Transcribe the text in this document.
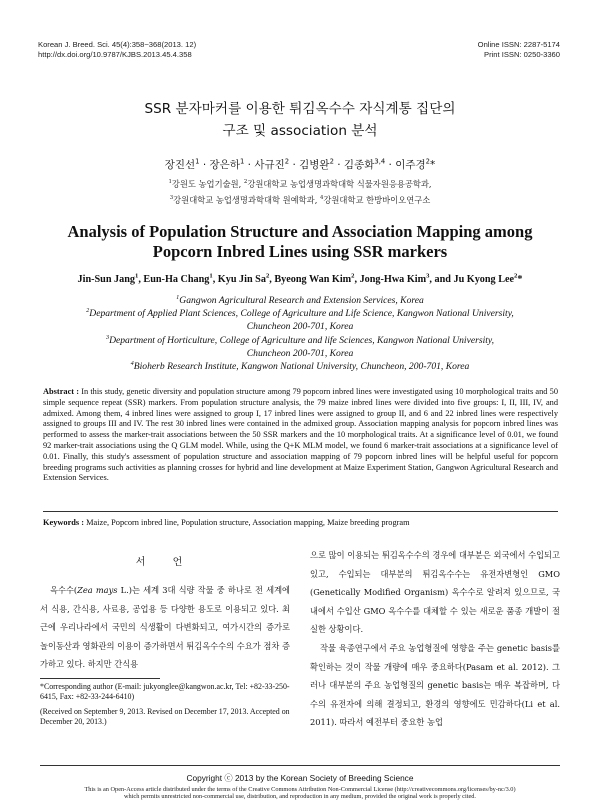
Korean J. Breed. Sci. 45(4):358~368(2013. 12)
http://dx.doi.org/10.9787/KJBS.2013.45.4.358
Online ISSN: 2287-5174
Print ISSN: 0250-3360
SSR 분자마커를 이용한 튀김옥수수 자식계통 집단의
구조 및 association 분석
장진선$^1$ · 장은하$^1$ · 사규진$^2$ · 김병완$^2$ · 김종화$^{3,4}$ · 이주경$^2$*
$^1$강원도 농업기술원, $^2$강원대학교 농업생명과학대학 식물자원응용공학과,
$^3$강원대학교 농업생명과학대학 원예학과, $^4$강원대학교 한방바이오연구소
Analysis of Population Structure and Association Mapping among
Popcorn Inbred Lines using SSR markers
Jin-Sun Jang$^1$, Eun-Ha Chang$^1$, Kyu Jin Sa$^2$, Byeong Wan Kim$^2$, Jong-Hwa Kim$^3$, and Ju Kyong Lee$^2$*
$^1$Gangwon Agricultural Research and Extension Services, Korea
$^2$Department of Applied Plant Sciences, College of Agriculture and Life Science, Kangwon National University,
Chuncheon 200-701, Korea
$^3$Department of Horticulture, College of Agriculture and life Sciences, Kangwon National University,
Chuncheon 200-701, Korea
$^4$Bioherb Research Institute, Kangwon National University, Chuncheon, 200-701, Korea
Abstract : In this study, genetic diversity and population structure among 79 popcorn inbred lines were investigated using 10 morphological traits and 50 simple sequence repeat (SSR) markers. From population structure analysis, the 79 maize inbred lines were divided into five groups: I, II, III, IV, and admixed. Among them, 4 inbred lines were assigned to group I, 17 inbred lines were assigned to group II, and 6 and 22 inbred lines were respectively assigned to groups III and IV. The rest 30 inbred lines were contained in the admixed group. Association mapping analysis for popcorn inbred lines was performed to assess the marker-trait associations between the 50 SSR markers and the 10 morphological traits. At a significance level of 0.01, we found 92 marker-trait associations using the Q GLM model. While, using the Q+K MLM model, we found 6 marker-trait associations at a significance level of 0.01. Finally, this study's assessment of population structure and association mapping of 79 popcorn inbred lines will be helpful useful for popcorn breeding programs such activities as planning crosses for hybrid and line development at Maize Experiment Station, Gangwon Agricultural Research and Extension Services.
Keywords : Maize, Popcorn inbred line, Population structure, Association mapping, Maize breeding program
서 언

옥수수(Zea mays L.)는 세계 3대 식량 작물 중 하나로 전 세계에서 식용, 간식용, 사료용, 공업용 등 다양한 용도로 이용되고 있다. 최근에 우리나라에서 국민의 식생활이 다변화되고, 여가시간의 증가로 놀이동산과 영화관의 이용이 증가하면서 튀김옥수수의 수요가 점차 증가하고 있다. 하지만 간식용

*Corresponding author (E-mail: jukyonglee@kangwon.ac.kr, Tel: +82-33-250-6415, Fax: +82-33-244-6410)

(Received on September 9, 2013. Revised on December 17, 2013. Accepted on December 20, 2013.)

으로 많이 이용되는 튀김옥수수의 경우에 대부분은 외국에서 수입되고 있고, 수입되는 대부분의 튀김옥수수는 유전자변형인 GMO (Genetically Modified Organism) 옥수수로 알려져 있으므로, 국내에서 수입산 GMO 옥수수를 대체할 수 있는 새로운 품종 개발이 절실한 상황이다.

작물 육종연구에서 주요 농업형질에 영향을 주는 genetic basis를 확인하는 것이 작물 개량에 매우 중요하다(Pasam et al. 2012). 그러나 대부분의 주요 농업형질의 genetic basis는 매우 복잡하며, 다수의 유전자에 의해 결정되고, 환경의 영향에도 민감하다(Li et al. 2011). 따라서 예전부터 중요한 농업

Copyright ⓒ 2013 by the Korean Society of Breeding Science
This is an Open-Access article distributed under the terms of the Creative Commons Attribution Non-Commercial License (http://creativecommons.org/licenses/by-nc/3.0)
which permits unrestricted non-commercial use, distribution, and reproduction in any medium, provided the original work is properly cited.
